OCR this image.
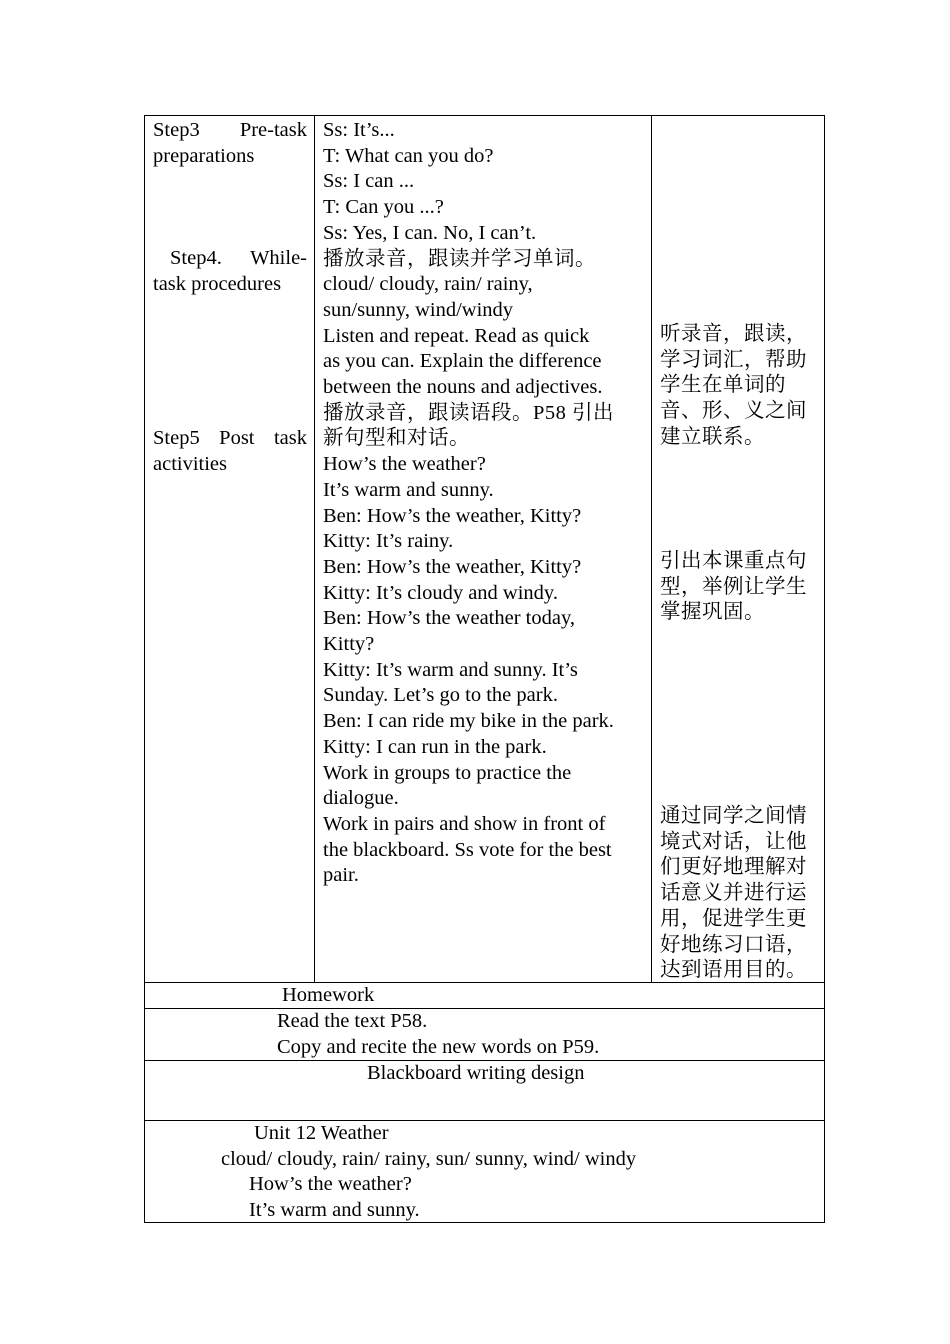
Step3 Pre-task
preparations
Step4. While-
task procedures
Step5 Post task
activities
Ss: It’s...
T: What can you do?
Ss: I can ...
T: Can you ...?
Ss: Yes, I can. No, I can’t.
播放录音，跟读并学习单词。
cloud/ cloudy, rain/ rainy,
sun/sunny, wind/windy
Listen and repeat. Read as quick
as you can. Explain the difference
between the nouns and adjectives.
播放录音，跟读语段。P58 引出
新句型和对话。
How’s the weather?
It’s warm and sunny.
Ben: How’s the weather, Kitty?
Kitty: It’s rainy.
Ben: How’s the weather, Kitty?
Kitty: It’s cloudy and windy.
Ben: How’s the weather today,
Kitty?
Kitty: It’s warm and sunny. It’s
Sunday. Let’s go to the park.
Ben: I can ride my bike in the park.
Kitty: I can run in the park.
Work in groups to practice the
dialogue.
Work in pairs and show in front of
the blackboard. Ss vote for the best
pair.
听录音，跟读，
学习词汇，帮助
学生在单词的
音、形、义之间
建立联系。
引出本课重点句
型，举例让学生
掌握巩固。
通过同学之间情
境式对话，让他
们更好地理解对
话意义并进行运
用，促进学生更
好地练习口语，
达到语用目的。
Homework
Read the text P58.
Copy and recite the new words on P59.
Blackboard writing design
Unit 12 Weather
cloud/ cloudy, rain/ rainy, sun/ sunny, wind/ windy
How’s the weather?
It’s warm and sunny.
